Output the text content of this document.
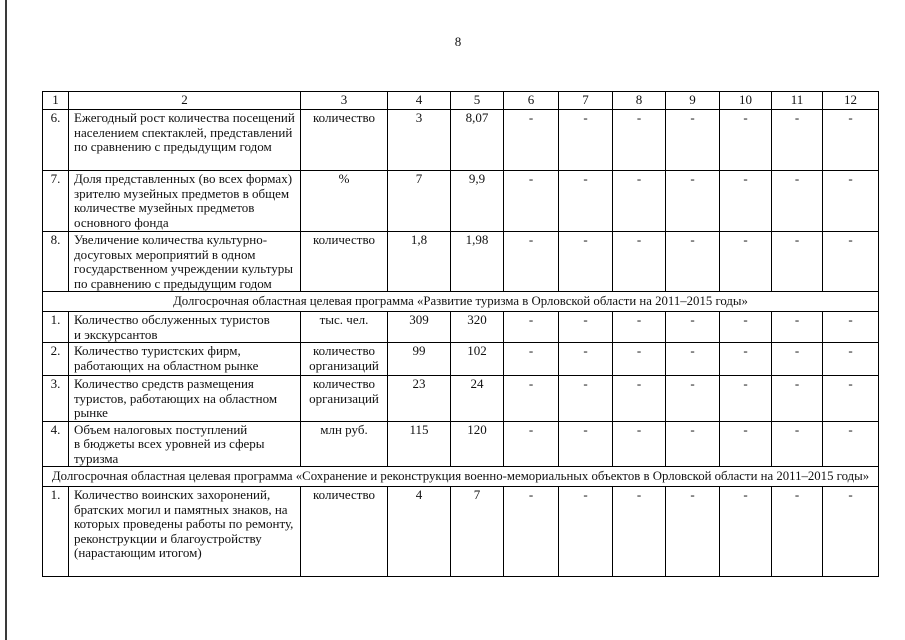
8
1	2	3	4	5	6	7	8	9	10	11	12
6.	Ежегодный рост количества посещений
населением спектаклей, представлений
по сравнению с предыдущим годом	количество	3	8,07	-	-	-	-	-	-	-
7.	Доля представленных (во всех формах)
зрителю музейных предметов в общем
количестве музейных предметов
основного фонда	%	7	9,9	-	-	-	-	-	-	-
8.	Увеличение количества культурно-
досуговых мероприятий в одном
государственном учреждении культуры
по сравнению с предыдущим годом	количество	1,8	1,98	-	-	-	-	-	-	-
Долгосрочная областная целевая программа «Развитие туризма в Орловской области на 2011–2015 годы»											
1.	Количество обслуженных туристов
и экскурсантов	тыс. чел.	309	320	-	-	-	-	-	-	-
2.	Количество туристских фирм,
работающих на областном рынке	количество
организаций	99	102	-	-	-	-	-	-	-
3.	Количество средств размещения
туристов, работающих на областном
рынке	количество
организаций	23	24	-	-	-	-	-	-	-
4.	Объем налоговых поступлений
в бюджеты всех уровней из сферы
туризма	млн руб.	115	120	-	-	-	-	-	-	-
Долгосрочная областная целевая программа «Сохранение и реконструкция военно-мемориальных объектов в Орловской области на 2011–2015 годы»											
1.	Количество воинских захоронений,
братских могил и памятных знаков, на
которых проведены работы по ремонту,
реконструкции и благоустройству
(нарастающим итогом)	количество	4	7	-	-	-	-	-	-	-
